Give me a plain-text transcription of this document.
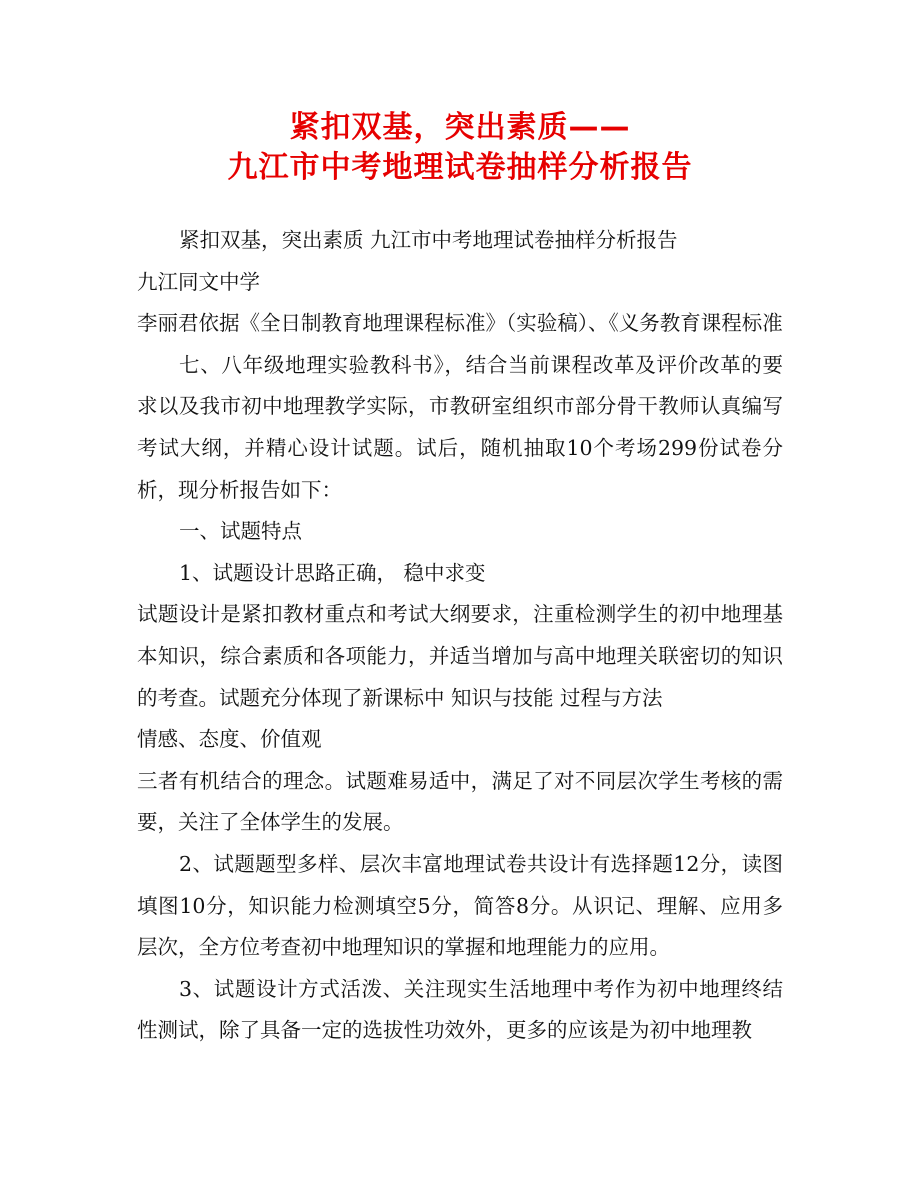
紧扣双基，突出素质——
九江市中考地理试卷抽样分析报告

紧扣双基，突出素质 九江市中考地理试卷抽样分析报告

九江同文中学

李丽君依据《全日制教育地理课程标准》（实验稿）、《义务教育课程标准

七、八年级地理实验教科书》，结合当前课程改革及评价改革的要求以及我市初中地理教学实际，市教研室组织市部分骨干教师认真编写考试大纲，并精心设计试题。试后，随机抽取10个考场299份试卷分析，现分析报告如下：

一、试题特点

1、试题设计思路正确， 稳中求变

试题设计是紧扣教材重点和考试大纲要求，注重检测学生的初中地理基本知识，综合素质和各项能力，并适当增加与高中地理关联密切的知识的考查。试题充分体现了新课标中 知识与技能 过程与方法

情感、态度、价值观

三者有机结合的理念。试题难易适中，满足了对不同层次学生考核的需要，关注了全体学生的发展。

2、试题题型多样、层次丰富地理试卷共设计有选择题12分，读图填图10分，知识能力检测填空5分，简答8分。从识记、理解、应用多层次，全方位考查初中地理知识的掌握和地理能力的应用。

3、试题设计方式活泼、关注现实生活地理中考作为初中地理终结性测试，除了具备一定的选拔性功效外，更多的应该是为初中地理教
